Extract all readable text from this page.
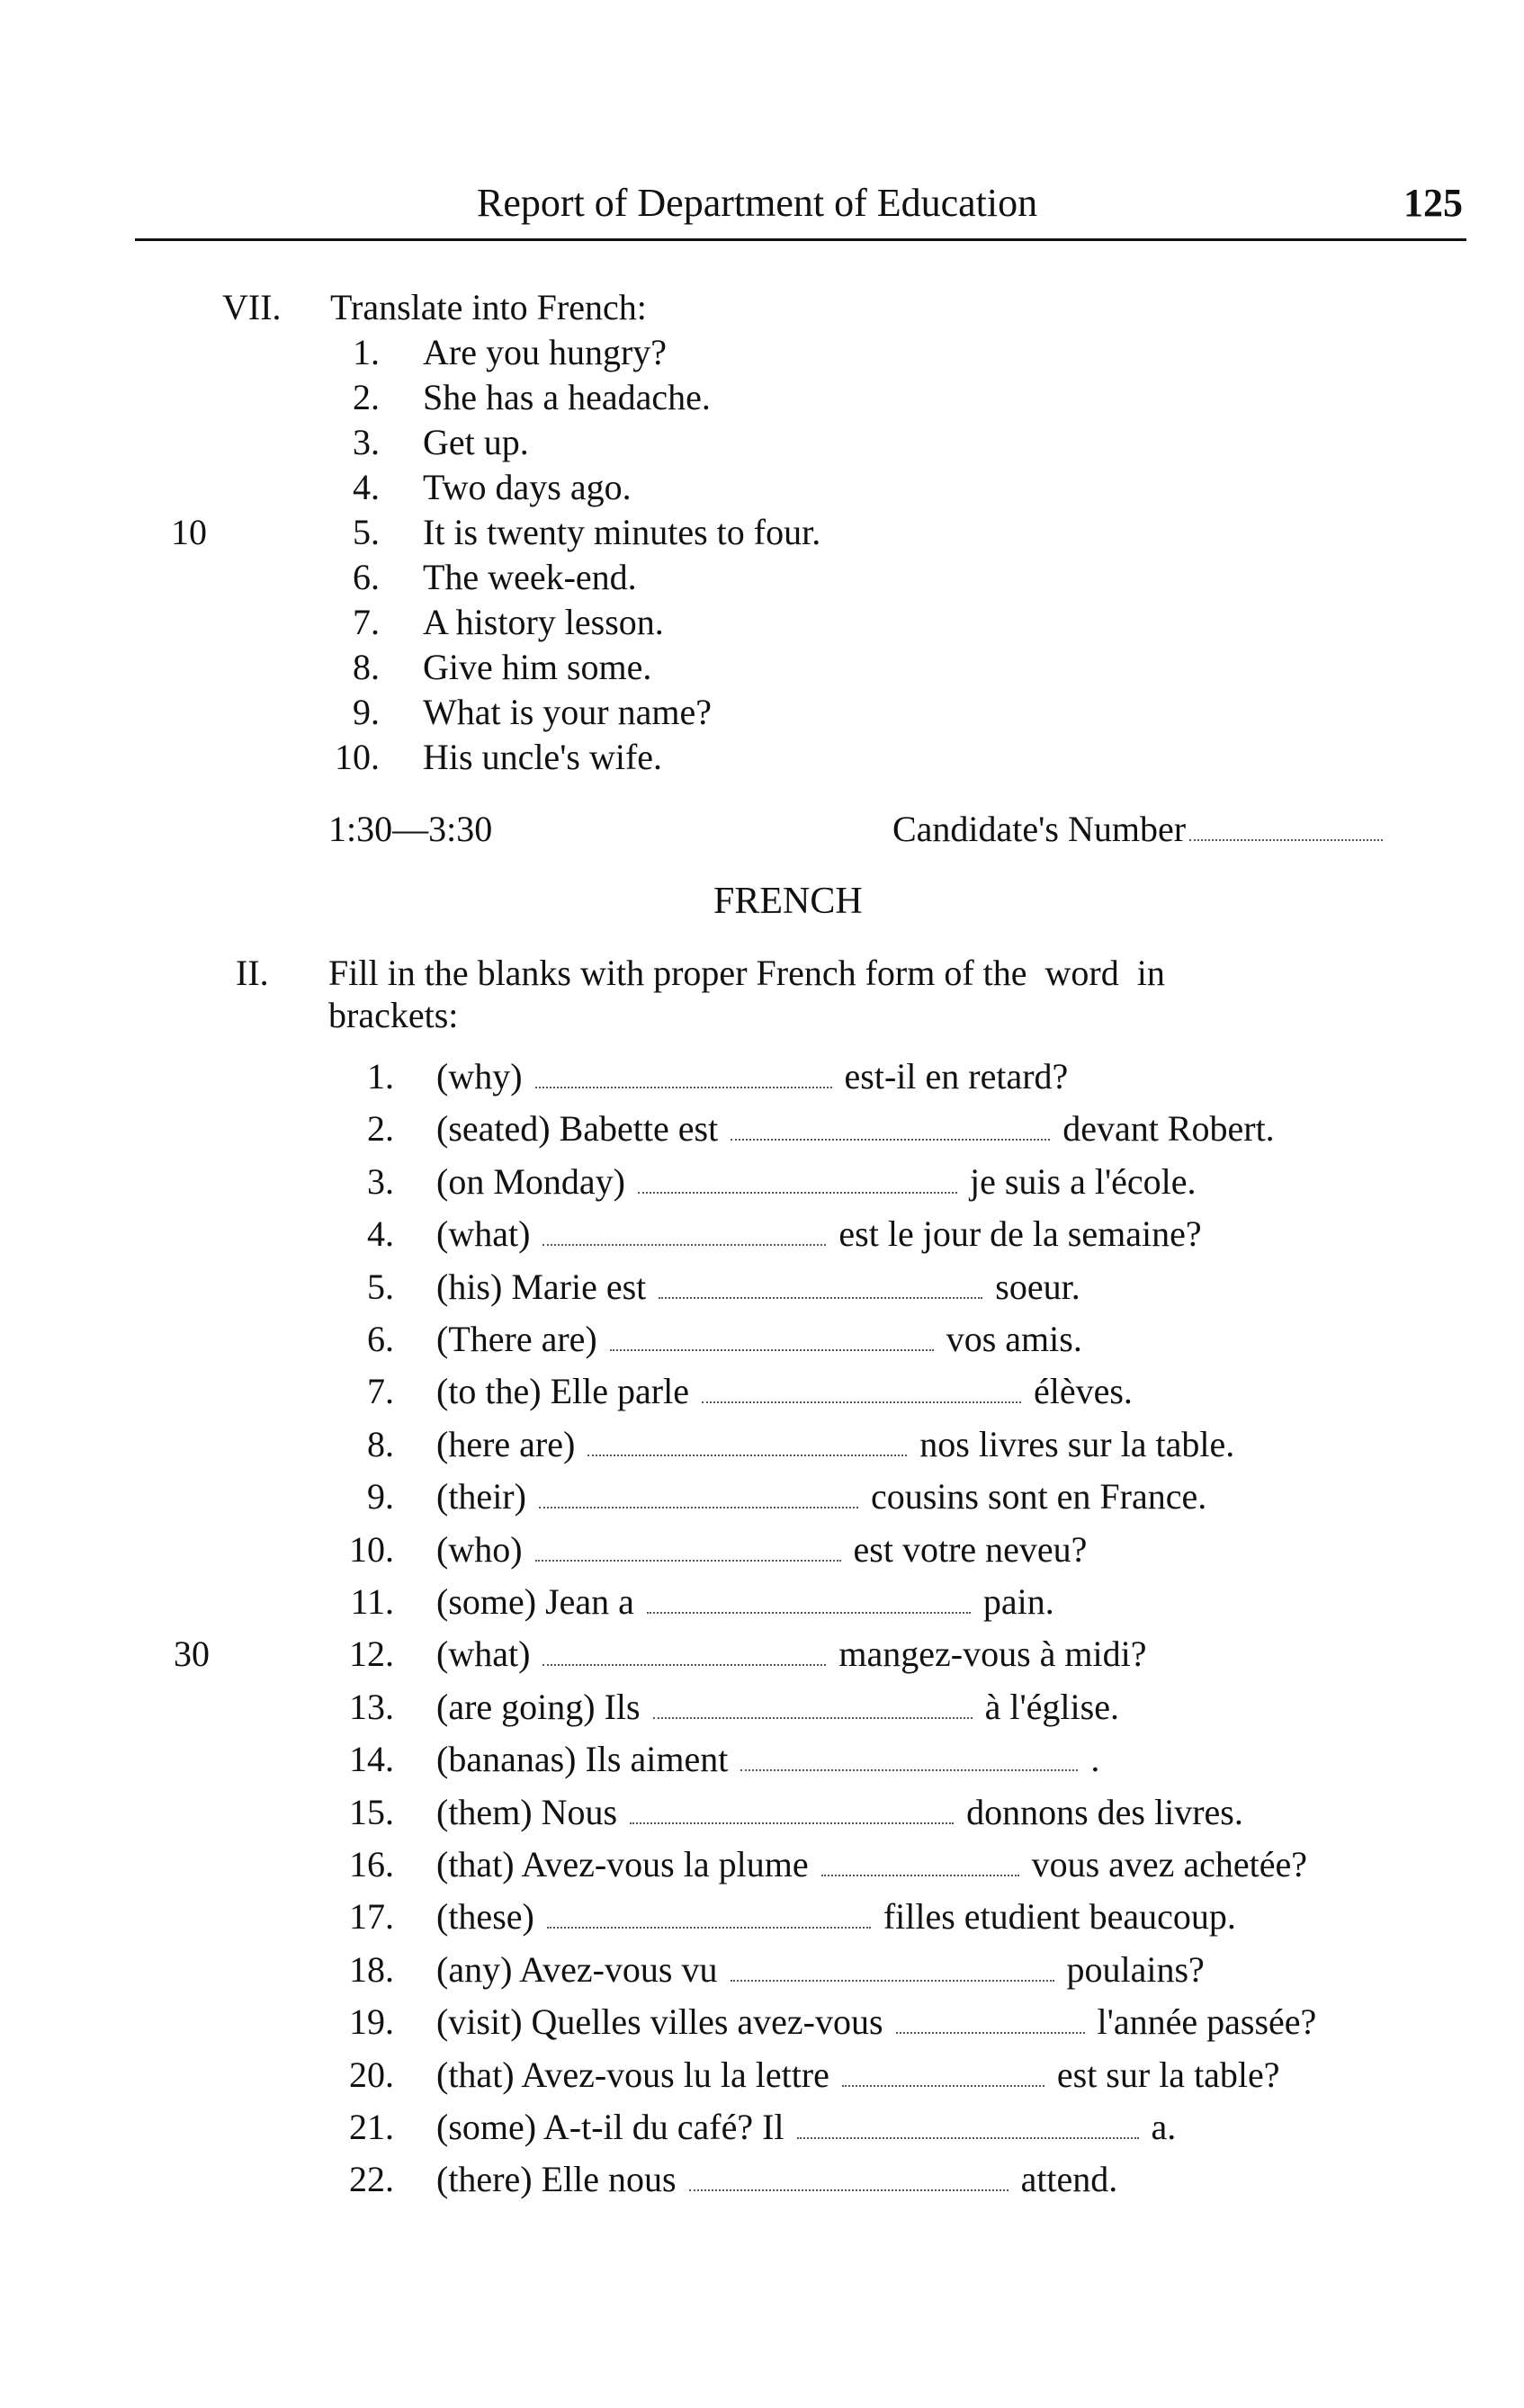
Report of Department of Education	125
VII. Translate into French:
1. Are you hungry?
2. She has a headache.
3. Get up.
4. Two days ago.
5. It is twenty minutes to four.
6. The week-end.
7. A history lesson.
8. Give him some.
9. What is your name?
10. His uncle's wife.
10
1:30—3:30	Candidate's Number
FRENCH
II. Fill in the blanks with proper French form of the  word  in
brackets:
1. (why)	est-il en retard?
2. (seated) Babette est	devant Robert.
3. (on Monday)	je suis a l'école.
4. (what)	est le jour de la semaine?
5. (his) Marie est	soeur.
6. (There are)	vos amis.
7. (to the) Elle parle	élèves.
8. (here are)	nos livres sur la table.
9. (their)	cousins sont en France.
10. (who)	est votre neveu?
11. (some) Jean a	pain.
12. (what)	mangez-vous à midi?
13. (are going) Ils	à l'église.
14. (bananas) Ils aiment	.
15. (them) Nous	donnons des livres.
16. (that) Avez-vous la plume	vous avez achetée?
17. (these)	filles etudient beaucoup.
18. (any) Avez-vous vu	poulains?
19. (visit) Quelles villes avez-vous	l'année passée?
20. (that) Avez-vous lu la lettre	est sur la table?
21. (some) A-t-il du café? Il	a.
22. (there) Elle nous	attend.
30
